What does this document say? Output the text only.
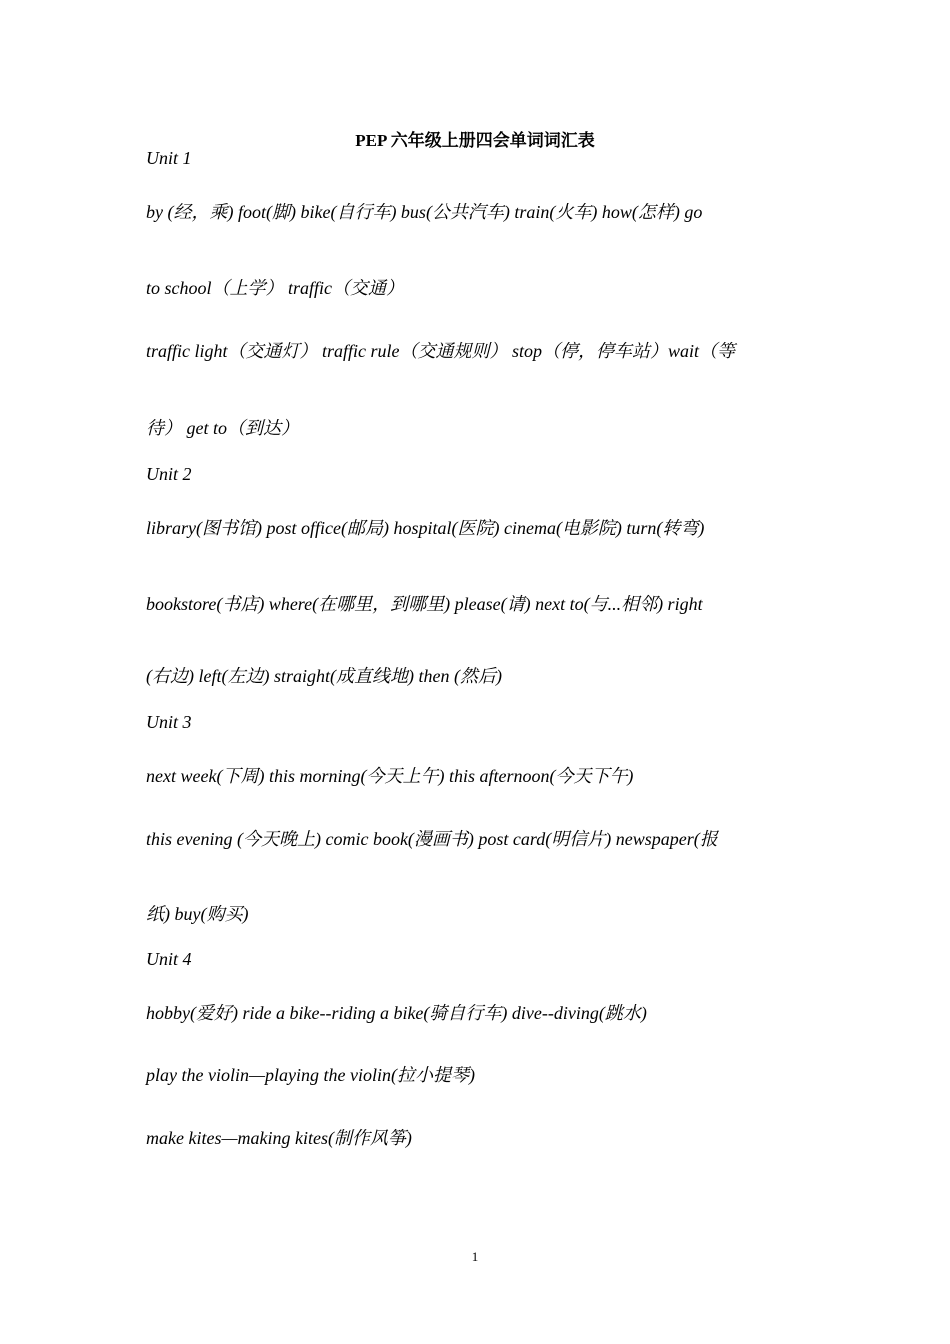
PEP 六年级上册四会单词词汇表
Unit 1
by (经，乘) foot(脚) bike(自行车) bus(公共汽车) train(火车) how(怎样) go
to school（上学） traffic（交通）
traffic light（交通灯） traffic rule（交通规则） stop（停，停车站）wait（等
待） get to（到达）
Unit 2
library(图书馆) post office(邮局) hospital(医院) cinema(电影院) turn(转弯)
bookstore(书店) where(在哪里，到哪里) please(请) next to(与...相邻) right
(右边) left(左边) straight(成直线地) then (然后)
Unit 3
next week(下周) this morning(今天上午) this afternoon(今天下午)
this evening (今天晚上) comic book(漫画书) post card(明信片) newspaper(报
纸) buy(购买)
Unit 4
hobby(爱好) ride a bike--riding a bike(骑自行车) dive--diving(跳水)
play the violin—playing the violin(拉小提琴)
make kites—making kites(制作风筝)
1
